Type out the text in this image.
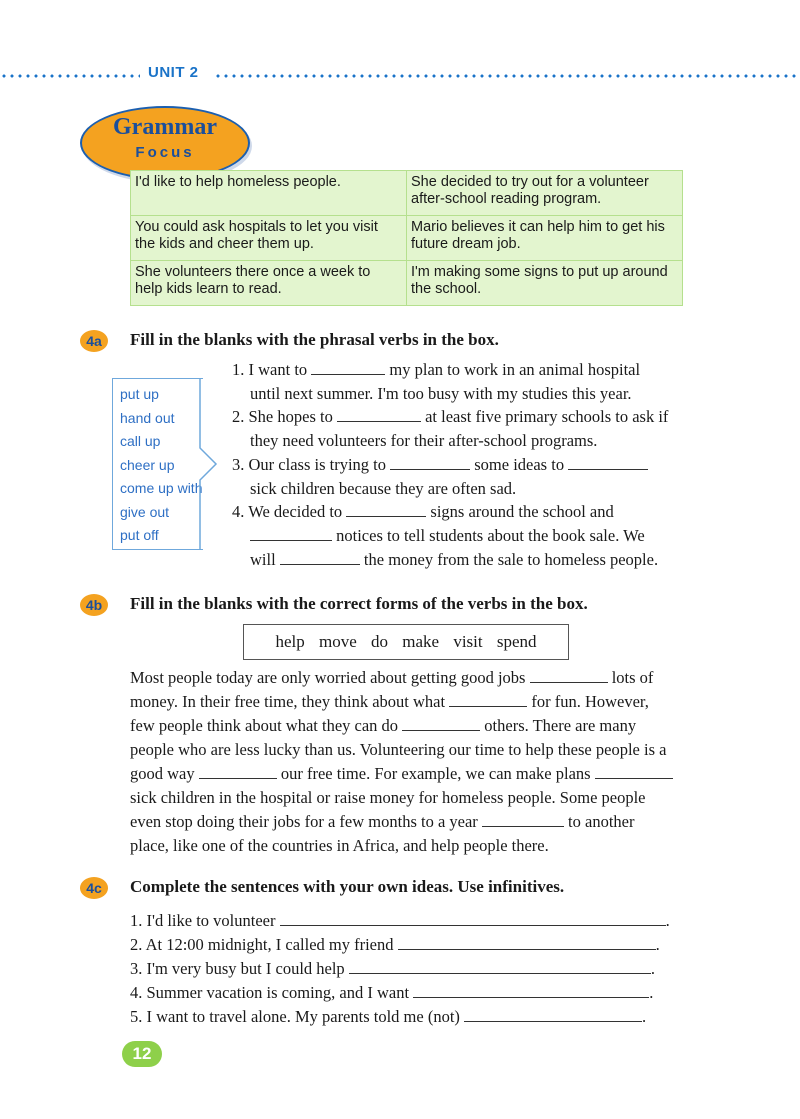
UNIT 2
Grammar
Focus
I'd like to help homeless people.	She decided to try out for a volunteer after-school reading program.
You could ask hospitals to let you visit the kids and cheer them up.	Mario believes it can help him to get his future dream job.
She volunteers there once a week to help kids learn to read.	I'm making some signs to put up around the school.
4a	Fill in the blanks with the phrasal verbs in the box.
put up
hand out
call up
cheer up
come up with
give out
put off
1. I want to	my plan to work in an animal hospital
until next summer. I'm too busy with my studies this year.
2. She hopes to	at least five primary schools to ask if
they need volunteers for their after-school programs.
3. Our class is trying to	some ideas to
sick children because they are often sad.
4. We decided to	signs around the school and
notices to tell students about the book sale. We
will	the money from the sale to homeless people.
4b	Fill in the blanks with the correct forms of the verbs in the box.
help move do make visit spend
Most people today are only worried about getting good jobs	lots of
money. In their free time, they think about what	for fun. However,
few people think about what they can do	others. There are many
people who are less lucky than us. Volunteering our time to help these people is a
good way	our free time. For example, we can make plans
sick children in the hospital or raise money for homeless people. Some people
even stop doing their jobs for a few months to a year	to another
place, like one of the countries in Africa, and help people there.
4c	Complete the sentences with your own ideas. Use infinitives.
1. I'd like to volunteer	.
2. At 12:00 midnight, I called my friend	.
3. I'm very busy but I could help	.
4. Summer vacation is coming, and I want	.
5. I want to travel alone. My parents told me (not)	.
12
